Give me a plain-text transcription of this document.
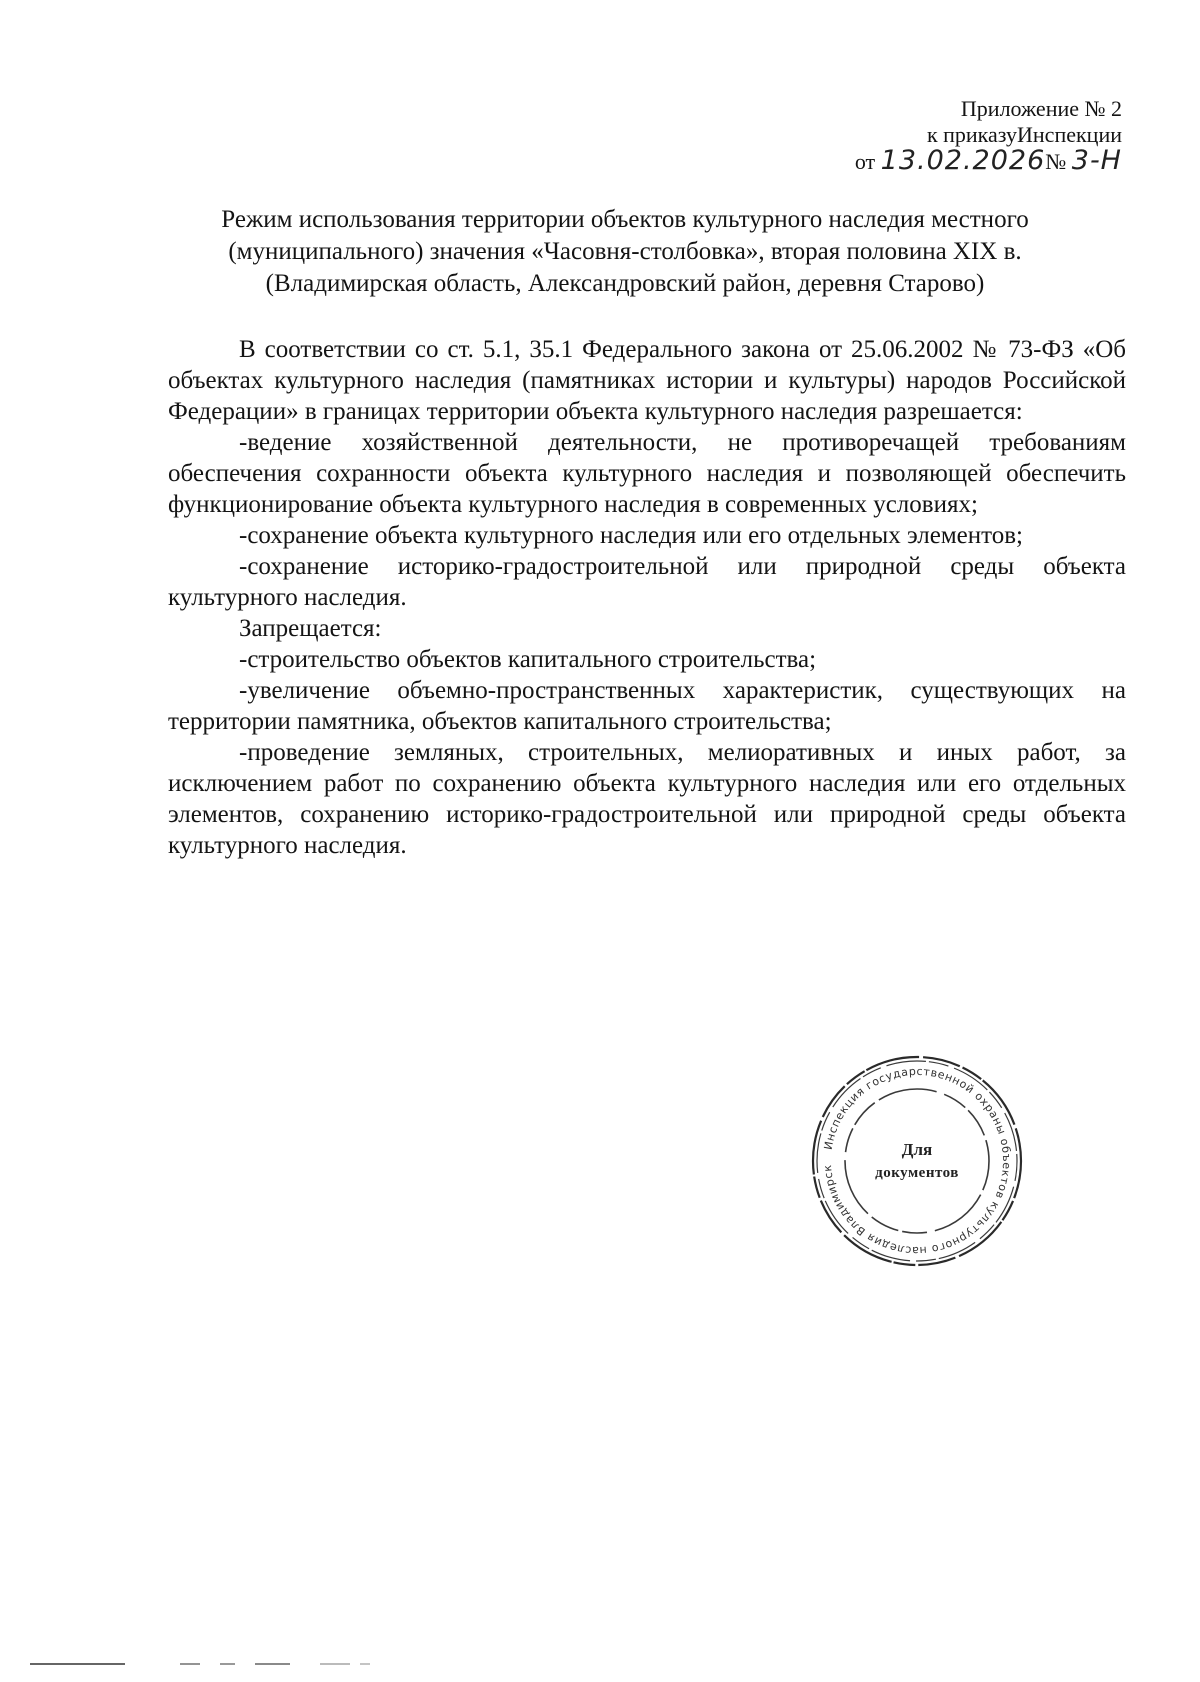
Приложение № 2
к приказуИнспекции
от 13.02.2026№ 3-Н
Режим использования территории объектов культурного наследия местного
(муниципального) значения «Часовня-столбовка», вторая половина XIX в.
(Владимирская область, Александровский район, деревня Старово)

В соответствии со ст. 5.1, 35.1 Федерального закона от 25.06.2002 № 73-ФЗ «Об объектах культурного наследия (памятниках истории и культуры) народов Российской Федерации» в границах территории объекта культурного наследия разрешается:

-ведение хозяйственной деятельности, не противоречащей требованиям обеспечения сохранности объекта культурного наследия и позволяющей обеспечить функционирование объекта культурного наследия в современных условиях;

-сохранение объекта культурного наследия или его отдельных элементов;

-сохранение историко-градостроительной или природной среды объекта культурного наследия.

Запрещается:

-строительство объектов капитального строительства;

-увеличение объемно-пространственных характеристик, существующих на территории памятника, объектов капитального строительства;

-проведение земляных, строительных, мелиоративных и иных работ, за исключением работ по сохранению объекта культурного наследия или его отдельных элементов, сохранению историко-градостроительной или природной среды объекта культурного наследия.

Инспекция государственной охраны объектов культурного наследия Владимирск
Для
документов
